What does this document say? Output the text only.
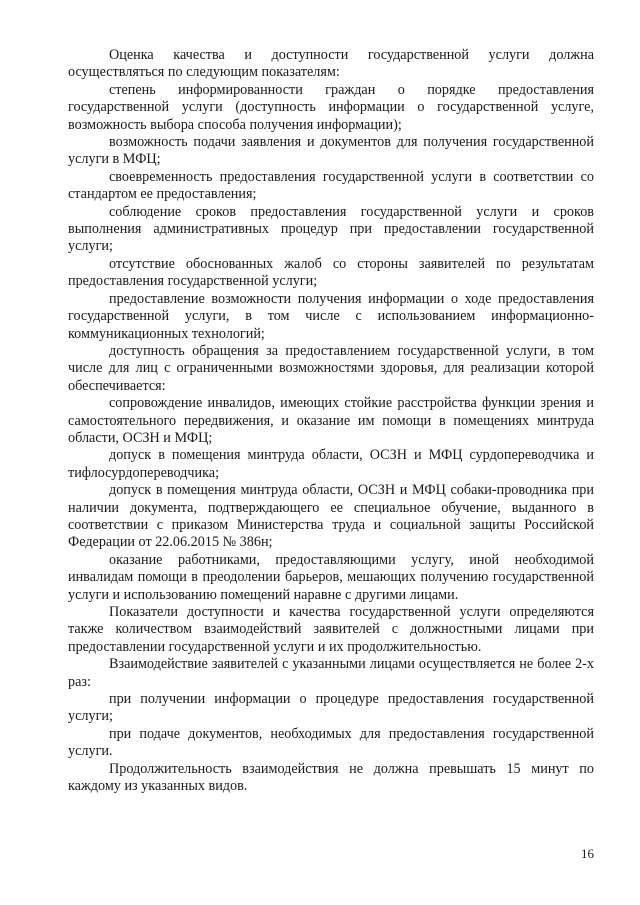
Оценка качества и доступности государственной услуги должна осуществляться по следующим показателям:

степень информированности граждан о порядке предоставления государственной услуги (доступность информации о государственной услуге, возможность выбора способа получения информации);

возможность подачи заявления и документов для получения государственной услуги в МФЦ;

своевременность предоставления государственной услуги в соответствии со стандартом ее предоставления;

соблюдение сроков предоставления государственной услуги и сроков выполнения административных процедур при предоставлении государственной услуги;

отсутствие обоснованных жалоб со стороны заявителей по результатам предоставления государственной услуги;

предоставление возможности получения информации о ходе предоставления государственной услуги, в том числе с использованием информационно-коммуникационных технологий;

доступность обращения за предоставлением государственной услуги, в том числе для лиц с ограниченными возможностями здоровья, для реализации которой обеспечивается:

сопровождение инвалидов, имеющих стойкие расстройства функции зрения и самостоятельного передвижения, и оказание им помощи в помещениях минтруда области, ОСЗН и МФЦ;

допуск в помещения минтруда области, ОСЗН и МФЦ сурдопереводчика и тифлосурдопереводчика;

допуск в помещения минтруда области, ОСЗН и МФЦ собаки-проводника при наличии документа, подтверждающего ее специальное обучение, выданного в соответствии с приказом Министерства труда и социальной защиты Российской Федерации от 22.06.2015 № 386н;

оказание работниками, предоставляющими услугу, иной необходимой инвалидам помощи в преодолении барьеров, мешающих получению государственной услуги и использованию помещений наравне с другими лицами.

Показатели доступности и качества государственной услуги определяются также количеством взаимодействий заявителей с должностными лицами при предоставлении государственной услуги и их продолжительностью.

Взаимодействие заявителей с указанными лицами осуществляется не более 2-х раз:

при получении информации о процедуре предоставления государственной услуги;

при подаче документов, необходимых для предоставления государственной услуги.

Продолжительность взаимодействия не должна превышать 15 минут по каждому из указанных видов.

16
